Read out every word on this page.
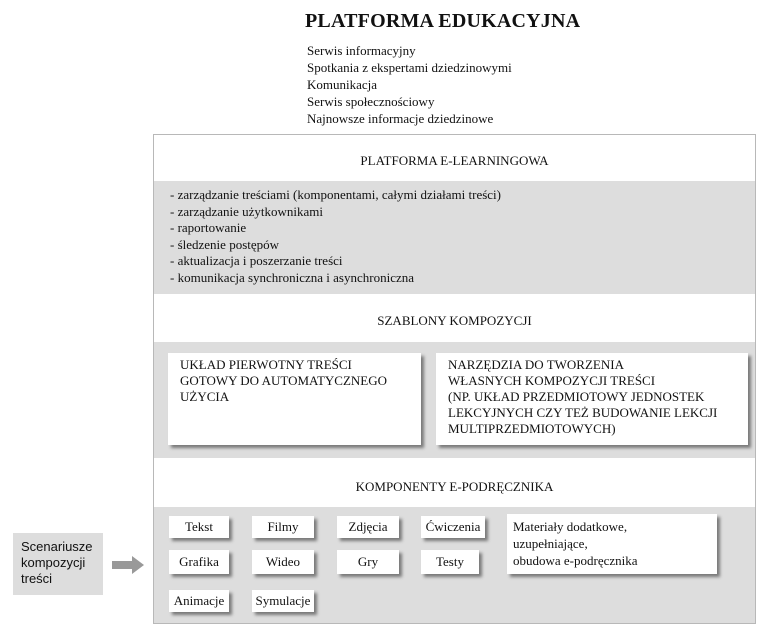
PLATFORMA EDUKACYJNA
Serwis informacyjny
Spotkania z ekspertami dziedzinowymi
Komunikacja
Serwis społecznościowy
Najnowsze informacje dziedzinowe
PLATFORMA E-LEARNINGOWA
- zarządzanie treściami (komponentami, całymi działami treści)
- zarządzanie użytkownikami
- raportowanie
- śledzenie postępów
- aktualizacja i poszerzanie treści
- komunikacja synchroniczna i asynchroniczna
SZABLONY KOMPOZYCJI
UKŁAD PIERWOTNY TREŚCI
GOTOWY DO AUTOMATYCZNEGO
UŻYCIA
NARZĘDZIA DO TWORZENIA
WŁASNYCH KOMPOZYCJI TREŚCI
(NP. UKŁAD PRZEDMIOTOWY JEDNOSTEK
LEKCYJNYCH CZY TEŻ BUDOWANIE LEKCJI
MULTIPRZEDMIOTOWYCH)
KOMPONENTY E-PODRĘCZNIKA
Tekst	Filmy	Zdjęcia	Ćwiczenia
Grafika	Wideo	Gry	Testy
Animacje	Symulacje
Materiały dodatkowe,
uzupełniające,
obudowa e-podręcznika
Scenariusze
kompozycji
treści
